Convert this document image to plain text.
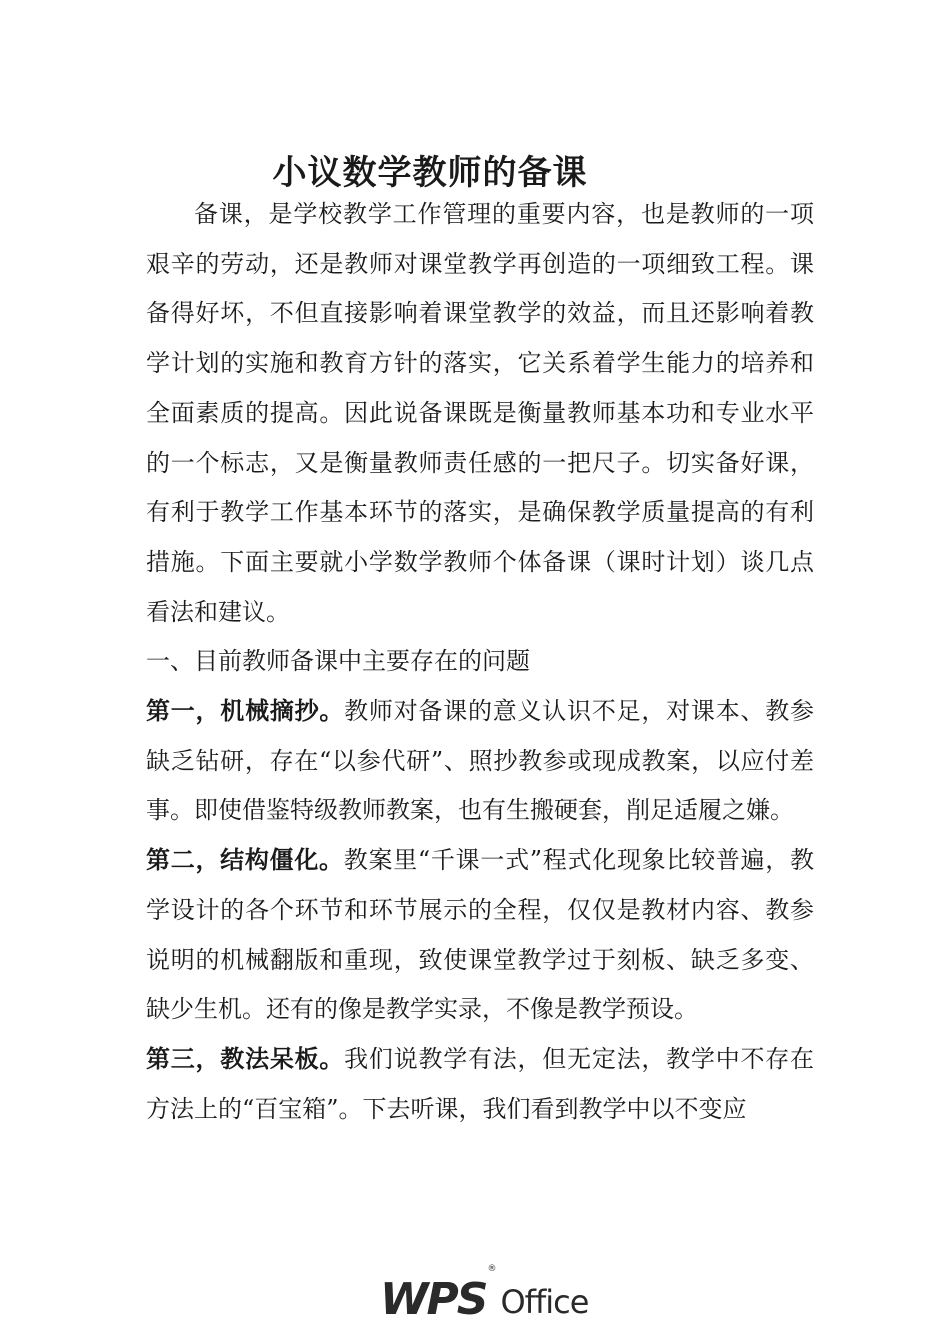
小议数学教师的备课

备课，是学校教学工作管理的重要内容，也是教师的一项艰辛的劳动，还是教师对课堂教学再创造的一项细致工程。课备得好坏，不但直接影响着课堂教学的效益，而且还影响着教学计划的实施和教育方针的落实，它关系着学生能力的培养和全面素质的提高。因此说备课既是衡量教师基本功和专业水平的一个标志，又是衡量教师责任感的一把尺子。切实备好课，有利于教学工作基本环节的落实，是确保教学质量提高的有利措施。下面主要就小学数学教师个体备课（课时计划）谈几点看法和建议。

一、目前教师备课中主要存在的问题

第一，机械摘抄。教师对备课的意义认识不足，对课本、教参缺乏钻研，存在“以参代研”、照抄教参或现成教案，以应付差事。即使借鉴特级教师教案，也有生搬硬套，削足适履之嫌。

第二，结构僵化。教案里“千课一式”程式化现象比较普遍，教学设计的各个环节和环节展示的全程，仅仅是教材内容、教参说明的机械翻版和重现，致使课堂教学过于刻板、缺乏多变、缺少生机。还有的像是教学实录，不像是教学预设。

第三，教法呆板。我们说教学有法，但无定法，教学中不存在方法上的“百宝箱”。下去听课，我们看到教学中以不变应

WPS
®
Office
